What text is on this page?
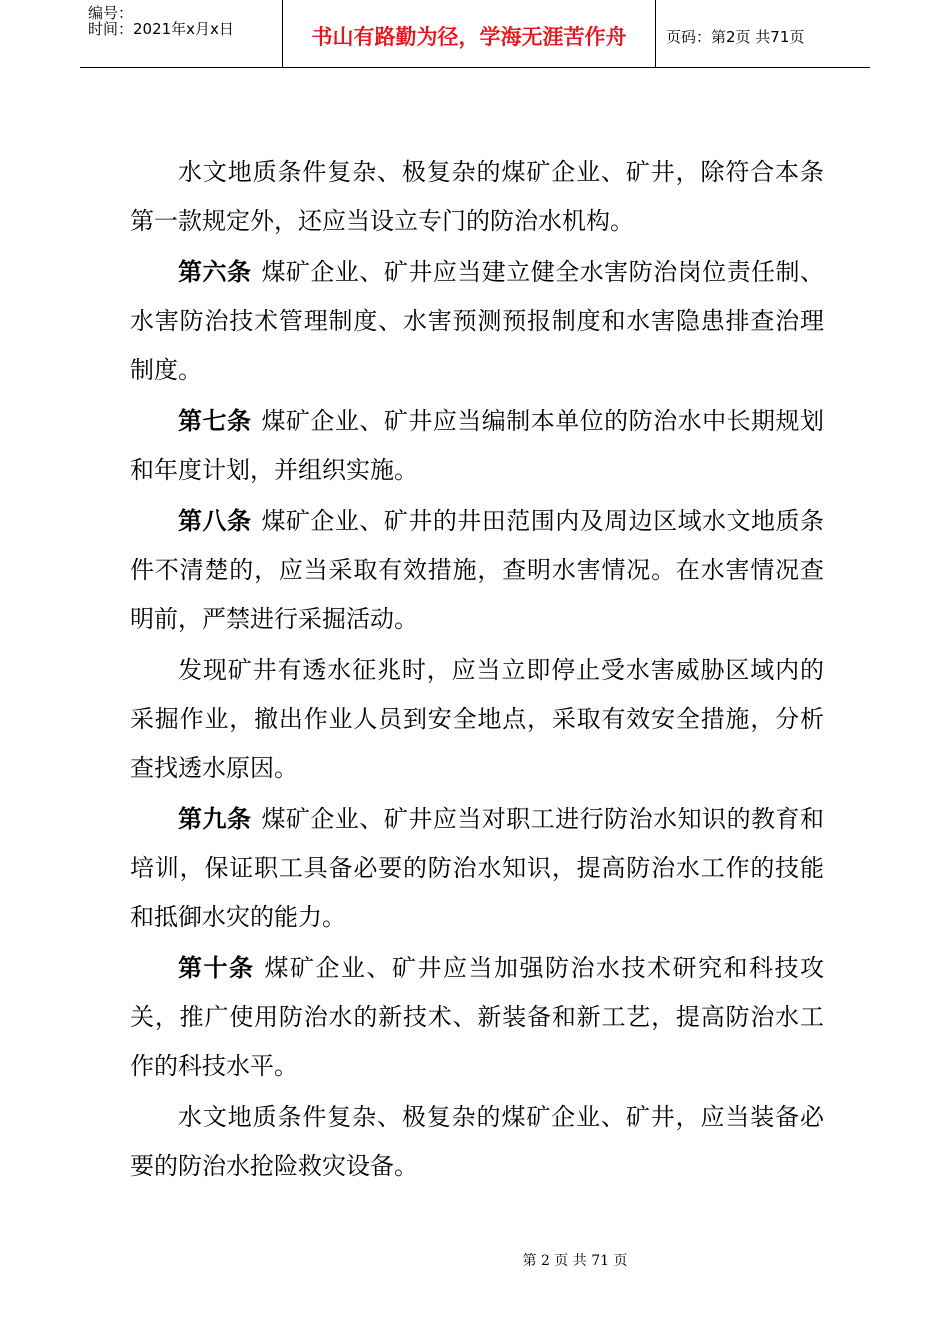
编号：
时间：2021年x月x日	书山有路勤为径，学海无涯苦作舟	页码：第2页 共71页

水文地质条件复杂、极复杂的煤矿企业、矿井，除符合本条第一款规定外，还应当设立专门的防治水机构。

第六条 煤矿企业、矿井应当建立健全水害防治岗位责任制、水害防治技术管理制度、水害预测预报制度和水害隐患排查治理制度。

第七条 煤矿企业、矿井应当编制本单位的防治水中长期规划和年度计划，并组织实施。

第八条 煤矿企业、矿井的井田范围内及周边区域水文地质条件不清楚的，应当采取有效措施，查明水害情况。在水害情况查明前，严禁进行采掘活动。

发现矿井有透水征兆时，应当立即停止受水害威胁区域内的采掘作业，撤出作业人员到安全地点，采取有效安全措施，分析查找透水原因。

第九条 煤矿企业、矿井应当对职工进行防治水知识的教育和培训，保证职工具备必要的防治水知识，提高防治水工作的技能和抵御水灾的能力。

第十条 煤矿企业、矿井应当加强防治水技术研究和科技攻关，推广使用防治水的新技术、新装备和新工艺，提高防治水工作的科技水平。

水文地质条件复杂、极复杂的煤矿企业、矿井，应当装备必要的防治水抢险救灾设备。

第 2 页 共 71 页
